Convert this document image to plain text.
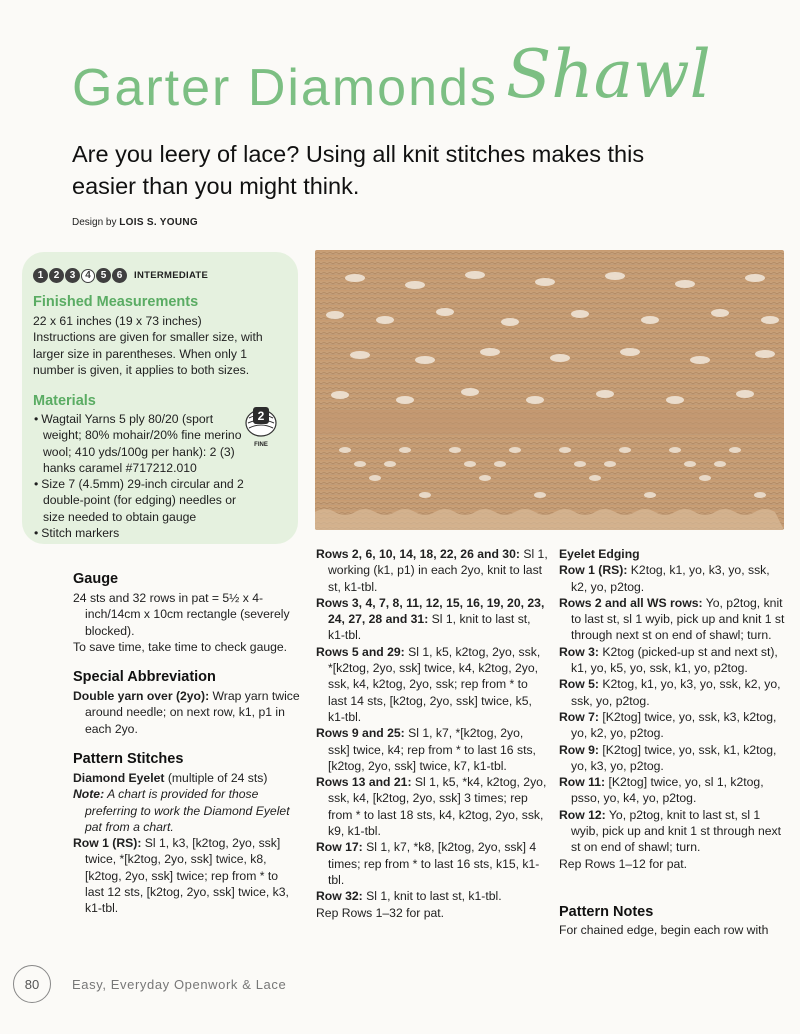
Garter Diamonds Shawl
Are you leery of lace? Using all knit stitches makes this easier than you might think.
Design by LOIS S. YOUNG
1	2	3 4 5	6	INTERMEDIATE
Finished Measurements
22 x 61 inches (19 x 73 inches)
Instructions are given for smaller size, with larger size in parentheses. When only 1 number is given, it applies to both sizes.
Materials
• Wagtail Yarns 5 ply 80/20 (sport weight; 80% mohair/20% fine merino wool; 410 yds/100g per hank): 2 (3) hanks caramel #717212.010
• Size 7 (4.5mm) 29-inch circular and 2 double-point (for edging) needles or size needed to obtain gauge
• Stitch markers
2
FINE
Gauge

24 sts and 32 rows in pat = 5½ x 4-inch/14cm x 10cm rectangle (severely blocked).

To save time, take time to check gauge.

Special Abbreviation
Double yarn over (2yo): Wrap yarn twice around needle; on next row, k1, p1 in each 2yo.
Pattern Stitches

Diamond Eyelet (multiple of 24 sts)

Note: A chart is provided for those preferring to work the Diamond Eyelet pat from a chart.

Row 1 (RS): Sl 1, k3, [k2tog, 2yo, ssk] twice, *[k2tog, 2yo, ssk] twice, k8, [k2tog, 2yo, ssk] twice; rep from * to last 12 sts, [k2tog, 2yo, ssk] twice, k3, k1-tbl.

Rows 2, 6, 10, 14, 18, 22, 26 and 30: Sl 1, working (k1, p1) in each 2yo, knit to last st, k1-tbl.

Rows 3, 4, 7, 8, 11, 12, 15, 16, 19, 20, 23, 24, 27, 28 and 31: Sl 1, knit to last st, k1-tbl.

Rows 5 and 29: Sl 1, k5, k2tog, 2yo, ssk, *[k2tog, 2yo, ssk] twice, k4, k2tog, 2yo, ssk, k4, k2tog, 2yo, ssk; rep from * to last 14 sts, [k2tog, 2yo, ssk] twice, k5, k1-tbl.

Rows 9 and 25: Sl 1, k7, *[k2tog, 2yo, ssk] twice, k4; rep from * to last 16 sts, [k2tog, 2yo, ssk] twice, k7, k1-tbl.

Rows 13 and 21: Sl 1, k5, *k4, k2tog, 2yo, ssk, k4, [k2tog, 2yo, ssk] 3 times; rep from * to last 18 sts, k4, k2tog, 2yo, ssk, k9, k1-tbl.

Row 17: Sl 1, k7, *k8, [k2tog, 2yo, ssk] 4 times; rep from * to last 16 sts, k15, k1-tbl.

Row 32: Sl 1, knit to last st, k1-tbl.

Rep Rows 1–32 for pat.

Eyelet Edging

Row 1 (RS): K2tog, k1, yo, k3, yo, ssk, k2, yo, p2tog.

Rows 2 and all WS rows: Yo, p2tog, knit to last st, sl 1 wyib, pick up and knit 1 st through next st on end of shawl; turn.

Row 3: K2tog (picked-up st and next st), k1, yo, k5, yo, ssk, k1, yo, p2tog.

Row 5: K2tog, k1, yo, k3, yo, ssk, k2, yo, ssk, yo, p2tog.

Row 7: [K2tog] twice, yo, ssk, k3, k2tog, yo, k2, yo, p2tog.

Row 9: [K2tog] twice, yo, ssk, k1, k2tog, yo, k3, yo, p2tog.

Row 11: [K2tog] twice, yo, sl 1, k2tog, psso, yo, k4, yo, p2tog.

Row 12: Yo, p2tog, knit to last st, sl 1 wyib, pick up and knit 1 st through next st on end of shawl; turn.

Rep Rows 1–12 for pat.

Pattern Notes
For chained edge, begin each row with
80	Easy, Everyday Openwork & Lace
